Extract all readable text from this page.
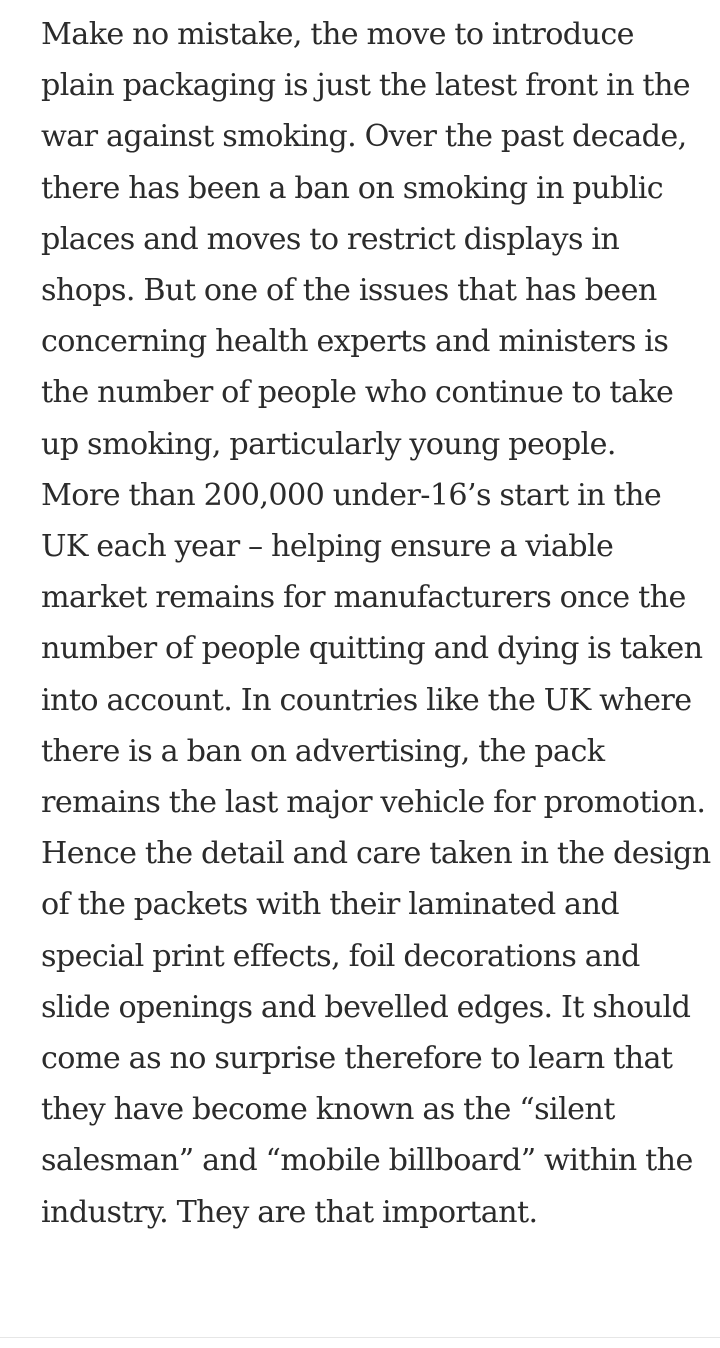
Make no mistake, the move to introduce plain packaging is just the latest front in the war against smoking. Over the past decade, there has been a ban on smoking in public places and moves to restrict displays in shops. But one of the issues that has been concerning health experts and ministers is the number of people who continue to take up smoking, particularly young people.

More than 200,000 under-16’s start in the UK each year – helping ensure a viable market remains for manufacturers once the number of people quitting and dying is taken into account. In countries like the UK where there is a ban on advertising, the pack remains the last major vehicle for promotion. Hence the detail and care taken in the design of the packets with their laminated and special print effects, foil decorations and slide openings and bevelled edges. It should come as no surprise therefore to learn that they have become known as the “silent salesman” and “mobile billboard” within the industry. They are that important.
